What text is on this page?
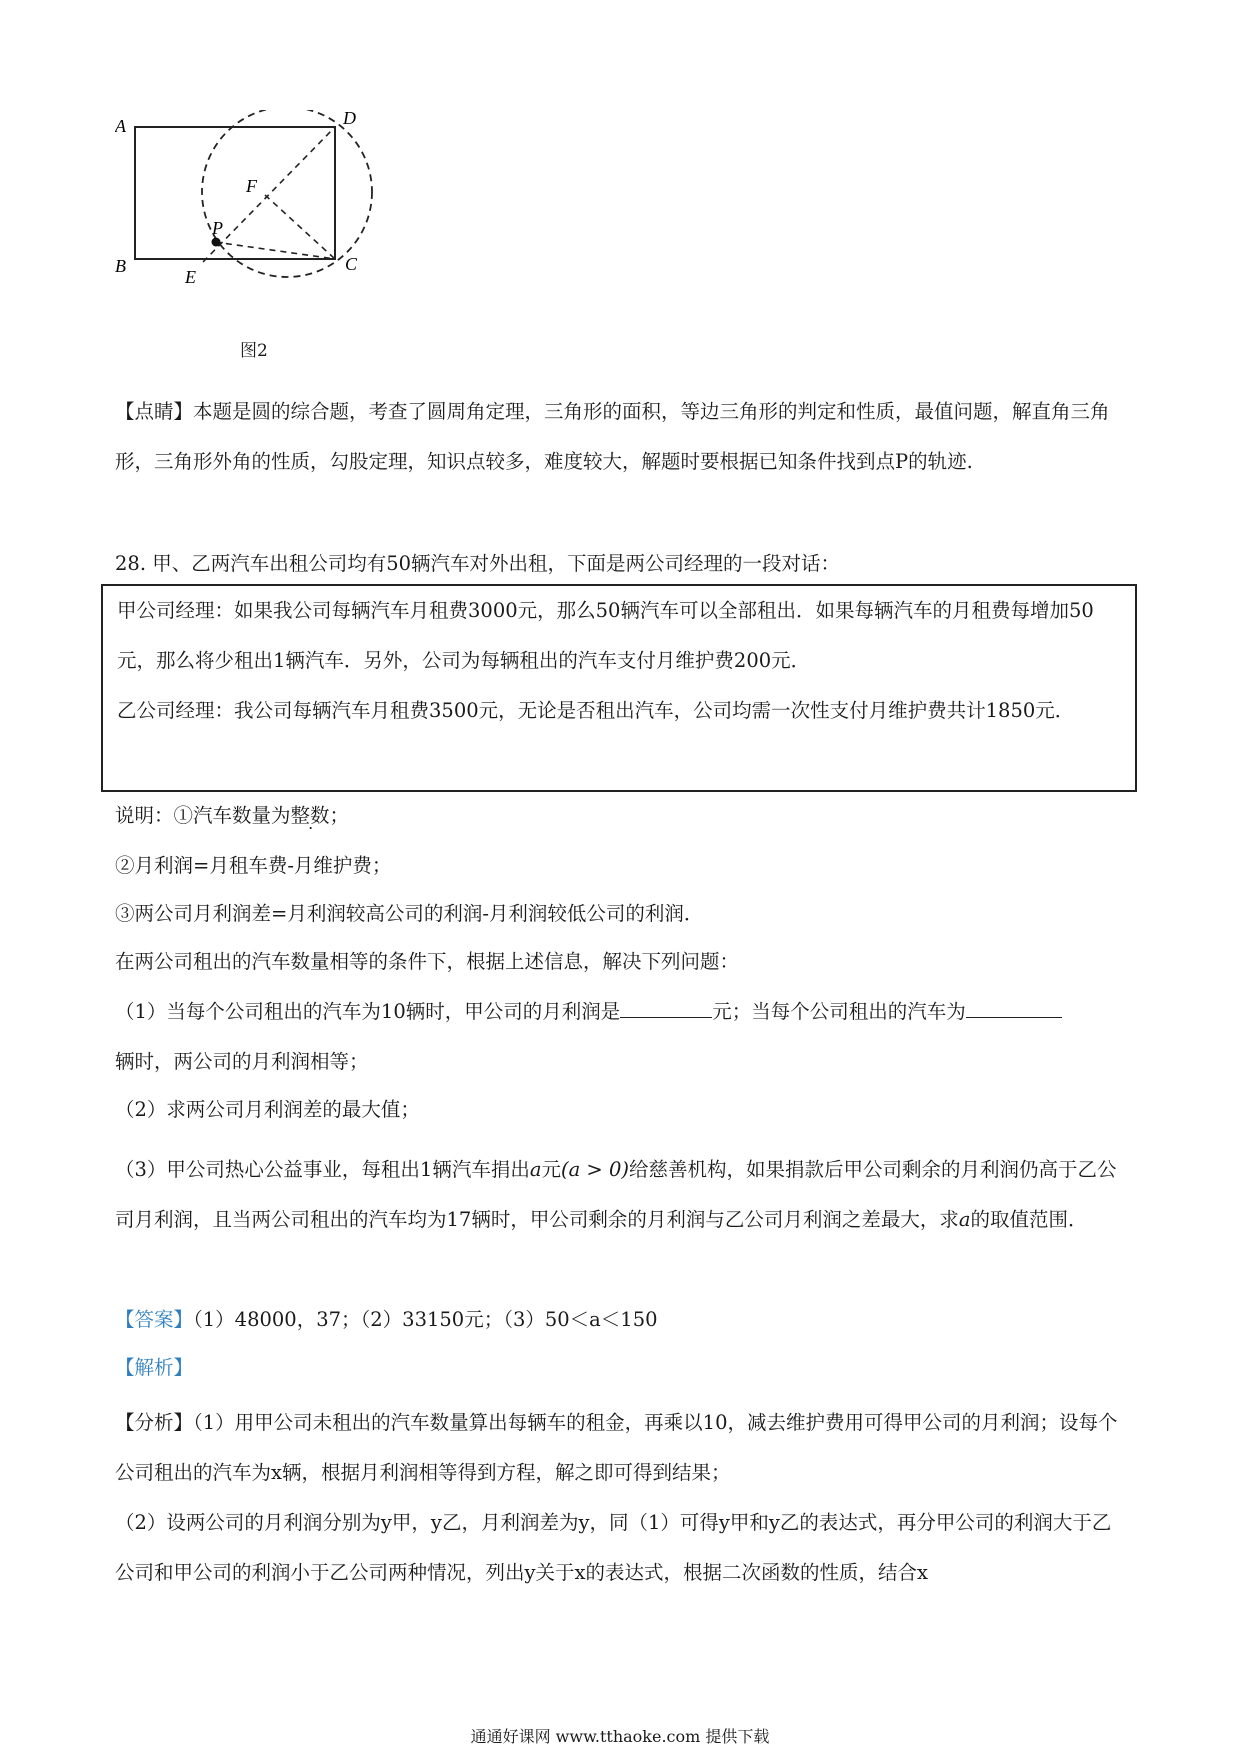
A
B	C
D
E
F
P
图2
【点睛】本题是圆的综合题，考查了圆周角定理，三角形的面积，等边三角形的判定和性质，最值问题，解直角三角形，三角形外角的性质，勾股定理，知识点较多，难度较大，解题时要根据已知条件找到点P的轨迹.
28. 甲、乙两汽车出租公司均有50辆汽车对外出租，下面是两公司经理的一段对话：
甲公司经理：如果我公司每辆汽车月租费3000元，那么50辆汽车可以全部租出．如果每辆汽车的月租费每增加50元，那么将少租出1辆汽车．另外，公司为每辆租出的汽车支付月维护费200元．
乙公司经理：我公司每辆汽车月租费3500元，无论是否租出汽车，公司均需一次性支付月维护费共计1850元．
说明：①汽车数量为整数；
②月利润=月租车费-月维护费；
③两公司月利润差=月利润较高公司的利润-月利润较低公司的利润．
在两公司租出的汽车数量相等的条件下，根据上述信息，解决下列问题：
（1）当每个公司租出的汽车为10辆时，甲公司的月利润是	元；当每个公司租出的汽车为
辆时，两公司的月利润相等；
（2）求两公司月利润差的最大值；
（3）甲公司热心公益事业，每租出1辆汽车捐出a元(a > 0)给慈善机构，如果捐款后甲公司剩余的月利润仍高于乙公司月利润，且当两公司租出的汽车均为17辆时，甲公司剩余的月利润与乙公司月利润之差最大，求a的取值范围．
【答案】（1）48000，37；（2）33150元；（3）50＜a＜150
【解析】
【分析】（1）用甲公司未租出的汽车数量算出每辆车的租金，再乘以10，减去维护费用可得甲公司的月利润；设每个公司租出的汽车为x辆，根据月利润相等得到方程，解之即可得到结果；
（2）设两公司的月利润分别为y甲，y乙，月利润差为y，同（1）可得y甲和y乙的表达式，再分甲公司的利润大于乙公司和甲公司的利润小于乙公司两种情况，列出y关于x的表达式，根据二次函数的性质，结合x
通通好课网 www.tthaoke.com 提供下载
